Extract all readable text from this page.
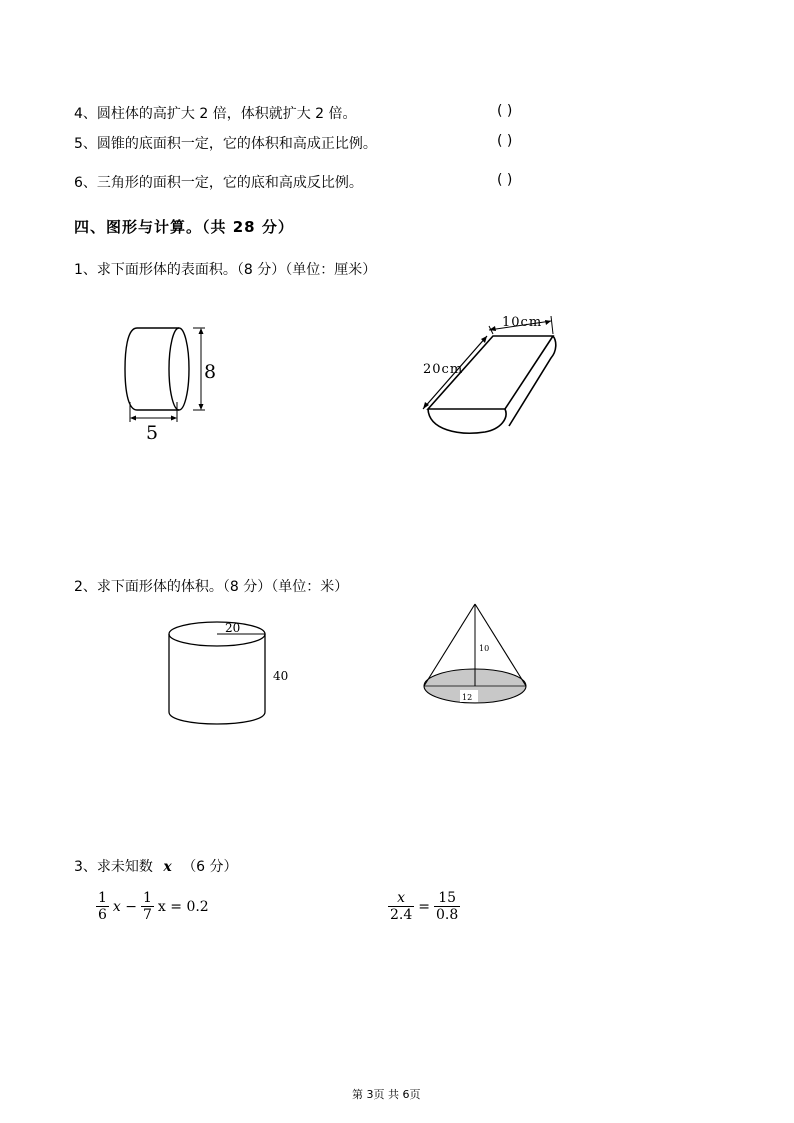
4、圆柱体的高扩大 2 倍，体积就扩大 2 倍。	( )
5、圆锥的底面积一定，它的体积和高成正比例。	( )
6、三角形的面积一定，它的底和高成反比例。	( )
四、图形与计算。（共 28 分）
1、求下面形体的表面积。（8 分）（单位：厘米）
8
5
10cm
20cm
2、求下面形体的体积。（8 分）（单位：米）
20
40
10
12
3、求未知数 x （6 分）
$\frac{1}{6}$ $x - \frac{1}{7}$ x = 0.2	$\frac{x}{2.4} = \frac{15}{0.8}$
第 3页 共 6页
